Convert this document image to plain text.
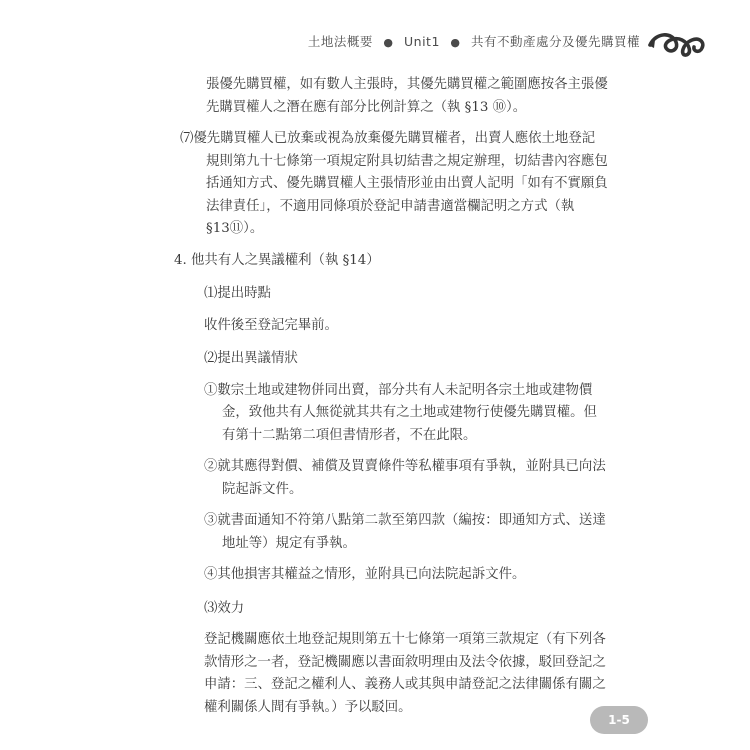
土地法概要 ● Unit1 ● 共有不動產處分及優先購買權

張優先購買權，如有數人主張時，其優先購買權之範圍應按各主張優先購買權人之潛在應有部分比例計算之（執 §13 ⑩）。

⑺優先購買權人已放棄或視為放棄優先購買權者，出賣人應依土地登記規則第九十七條第一項規定附具切結書之規定辦理，切結書內容應包括通知方式、優先購買權人主張情形並由出賣人記明「如有不實願負法律責任」，不適用同條項於登記申請書適當欄記明之方式（執 §13⑪）。

4. 他共有人之異議權利（執 §14）

⑴提出時點

收件後至登記完畢前。

⑵提出異議情狀

①數宗土地或建物併同出賣，部分共有人未記明各宗土地或建物價金，致他共有人無從就其共有之土地或建物行使優先購買權。但有第十二點第二項但書情形者，不在此限。

②就其應得對價、補償及買賣條件等私權事項有爭執，並附具已向法院起訴文件。

③就書面通知不符第八點第二款至第四款（編按：即通知方式、送達地址等）規定有爭執。

④其他損害其權益之情形，並附具已向法院起訴文件。

⑶效力

登記機關應依土地登記規則第五十七條第一項第三款規定（有下列各款情形之一者，登記機關應以書面敘明理由及法令依據，駁回登記之申請：三、登記之權利人、義務人或其與申請登記之法律關係有關之權利關係人間有爭執。）予以駁回。

1-5
